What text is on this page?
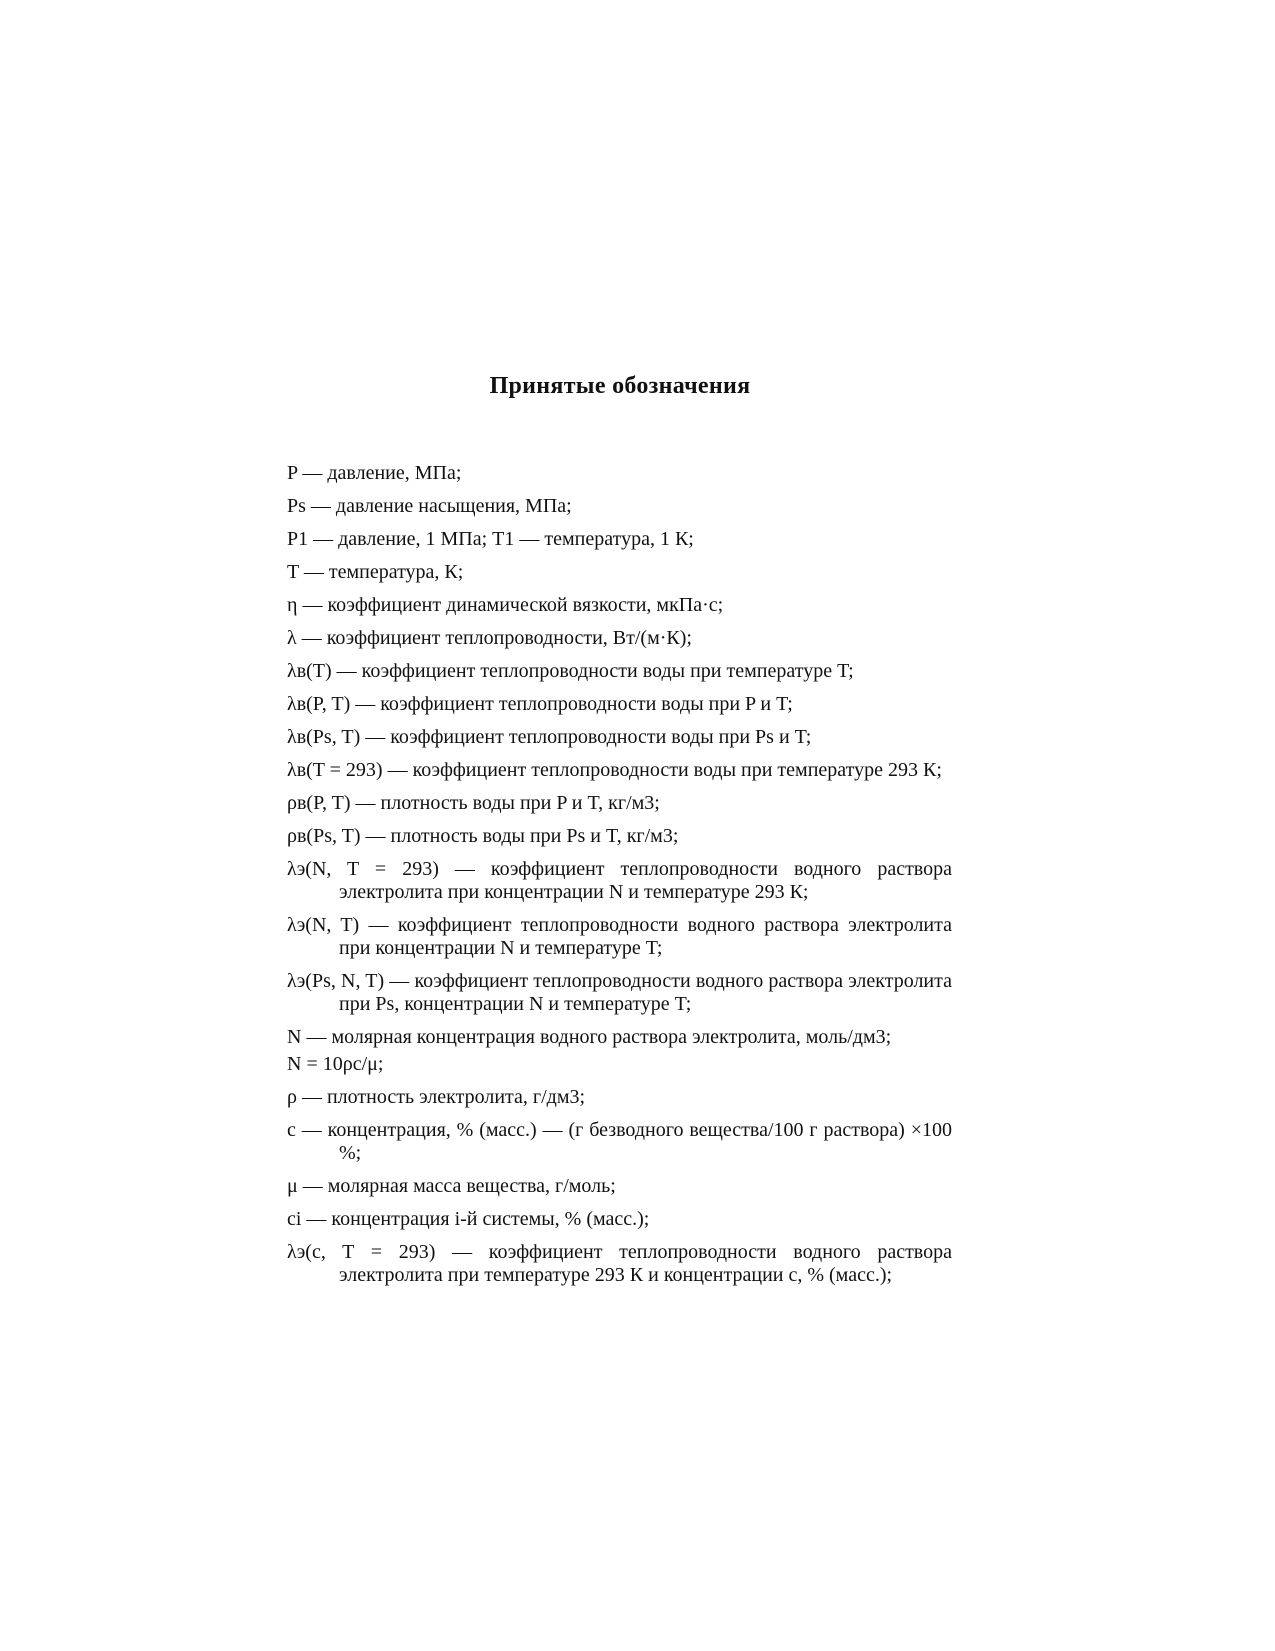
Принятые обозначения
P — давление, МПа;
Ps — давление насыщения, МПа;
P1 — давление, 1 МПа; T1 — температура, 1 К;
T — температура, К;
η — коэффициент динамической вязкости, мкПа·с;
λ — коэффициент теплопроводности, Вт/(м·К);
λв(T) — коэффициент теплопроводности воды при температуре T;
λв(P, T) — коэффициент теплопроводности воды при P и T;
λв(Ps, T) — коэффициент теплопроводности воды при Ps и T;
λв(T = 293) — коэффициент теплопроводности воды при температуре 293 К;
ρв(P, T) — плотность воды при P и T, кг/м3;
ρв(Ps, T) — плотность воды при Ps и T, кг/м3;
λэ(N, T = 293) — коэффициент теплопроводности водного раствора электролита при концентрации N и температуре 293 К;
λэ(N, T) — коэффициент теплопроводности водного раствора электролита при концентрации N и температуре T;
λэ(Ps, N, T) — коэффициент теплопроводности водного раствора электролита при Ps, концентрации N и температуре T;
N — молярная концентрация водного раствора электролита, моль/дм3;
N = 10ρc/μ;
ρ — плотность электролита, г/дм3;
c — концентрация, % (масс.) — (г безводного вещества/100 г раствора) ×100 %;
μ — молярная масса вещества, г/моль;
ci — концентрация i-й системы, % (масс.);
λэ(c, T = 293) — коэффициент теплопроводности водного раствора электролита при температуре 293 К и концентрации c, % (масс.);
